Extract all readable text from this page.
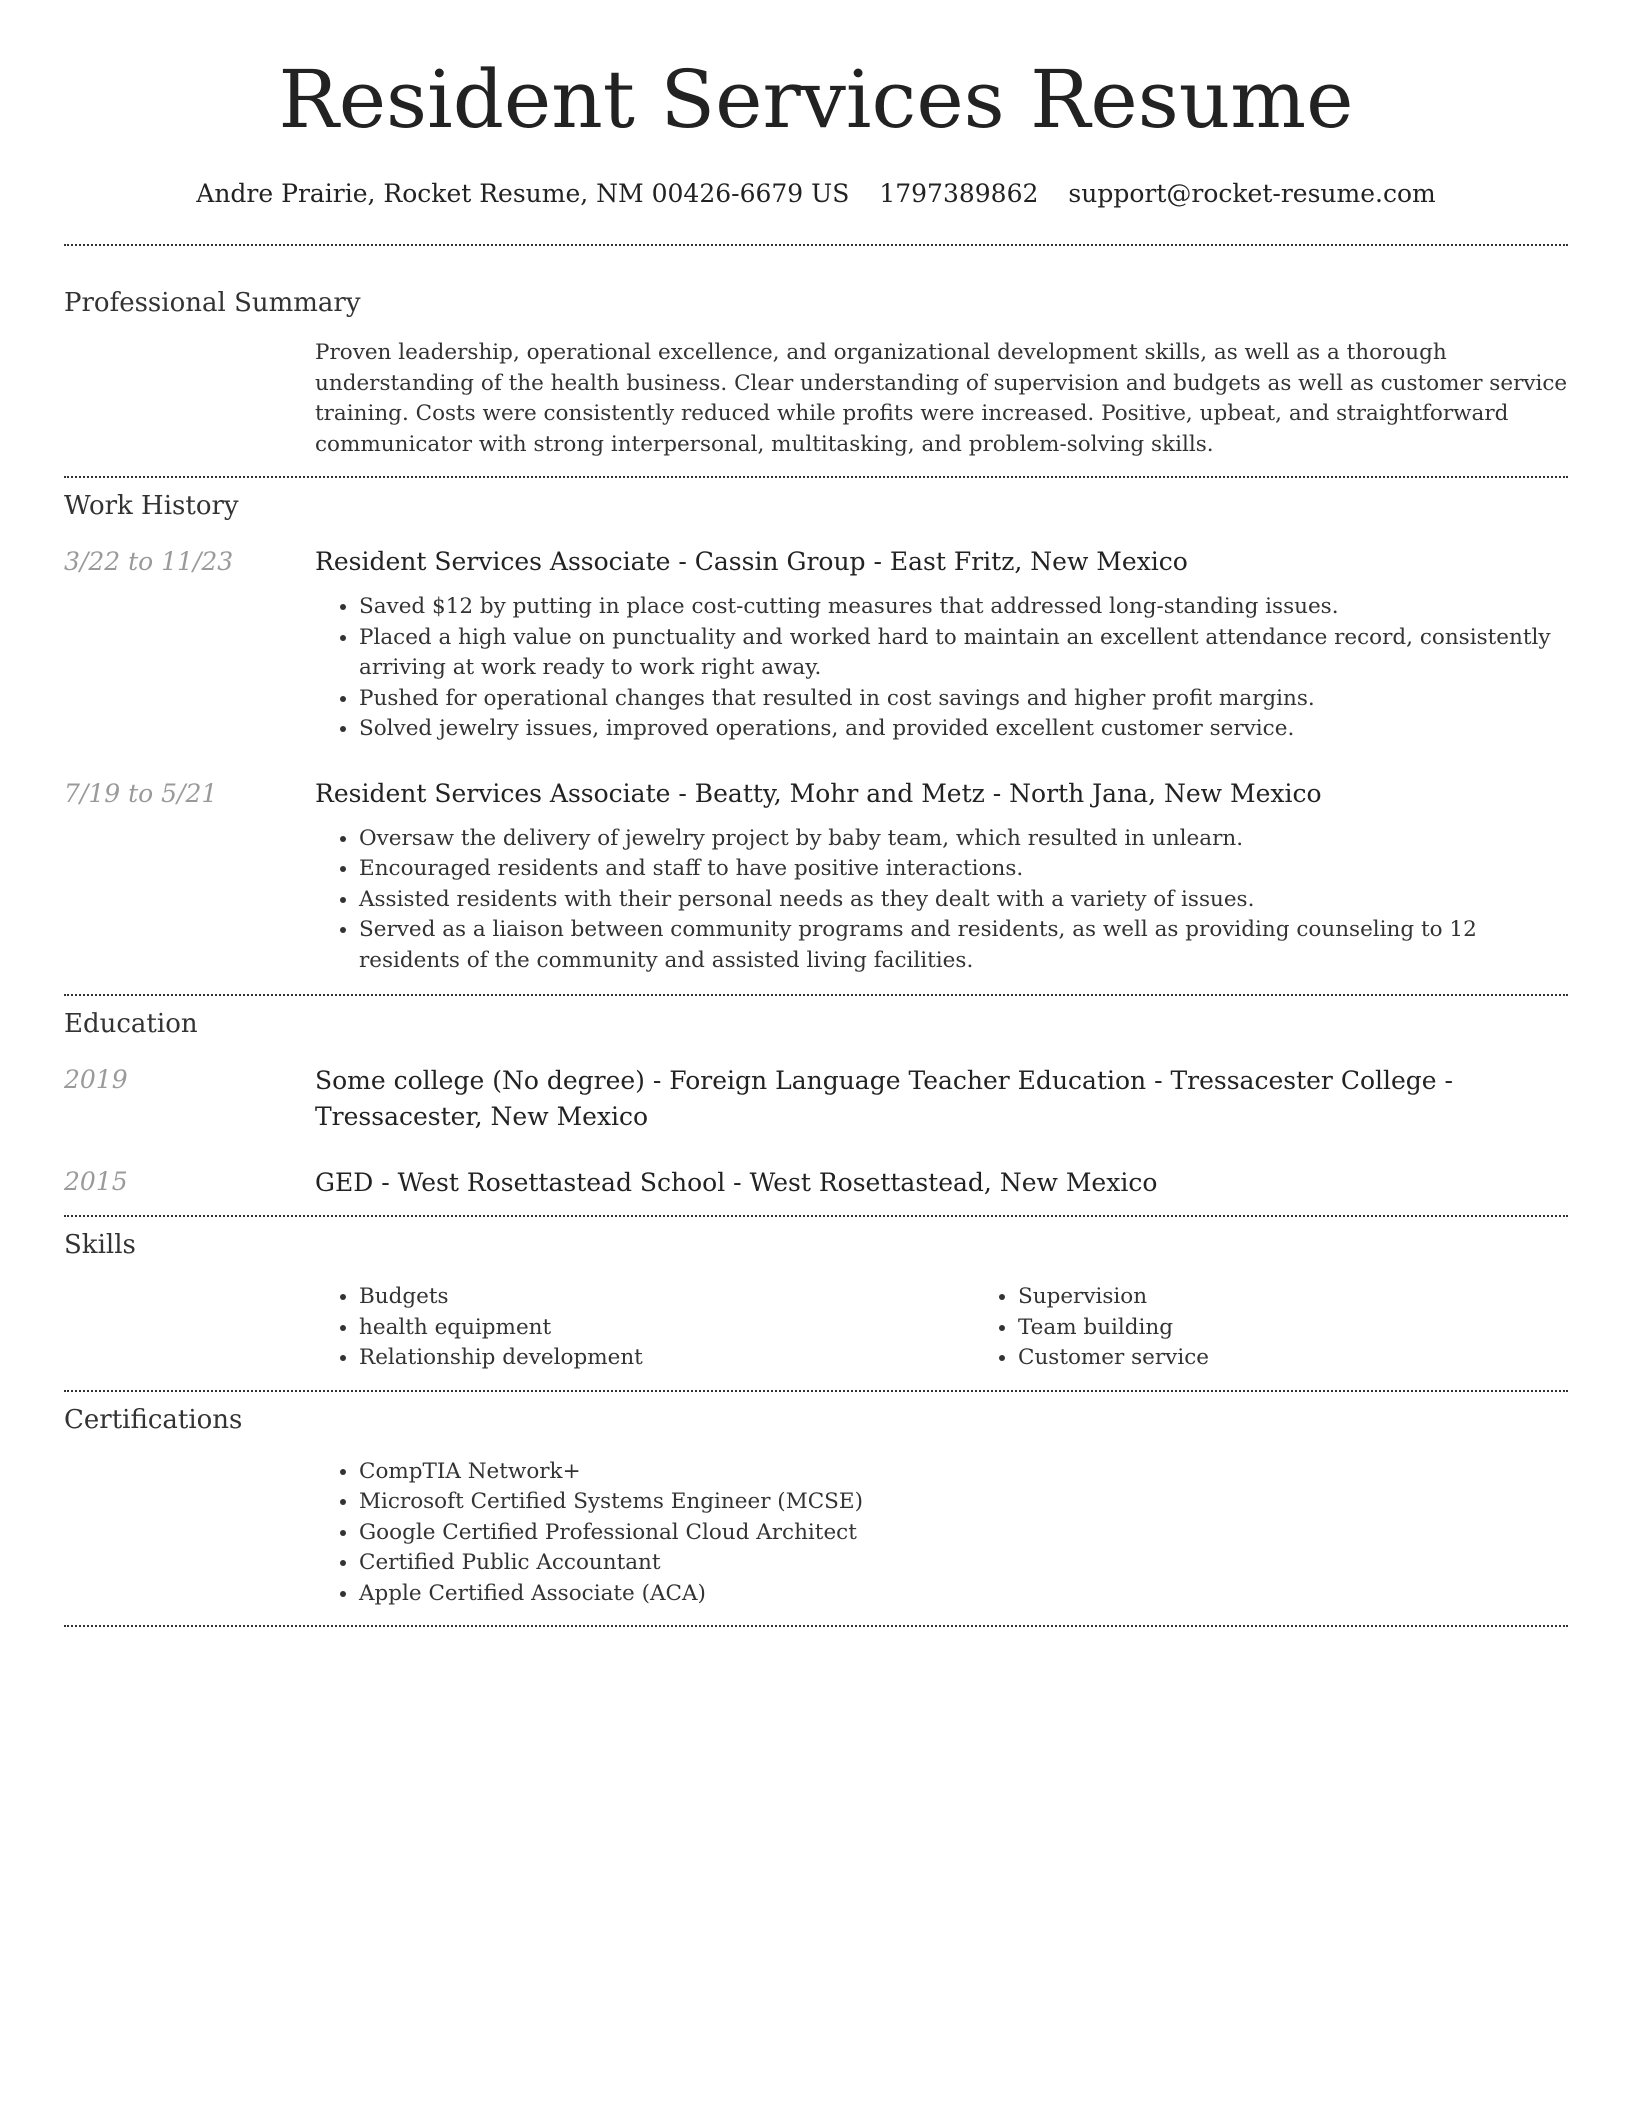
Resident Services Resume
Andre Prairie, Rocket Resume, NM 00426-6679 US 1797389862 support@rocket-resume.com
Professional Summary

Proven leadership, operational excellence, and organizational development skills, as well as a thorough understanding of the health business. Clear understanding of supervision and budgets as well as customer service training. Costs were consistently reduced while profits were increased. Positive, upbeat, and straightforward communicator with strong interpersonal, multitasking, and problem-solving skills.

Work History
3/22 to 11/23	Resident Services Associate - Cassin Group - East Fritz, New Mexico

• Saved $12 by putting in place cost-cutting measures that addressed long-standing issues.
• Placed a high value on punctuality and worked hard to maintain an excellent attendance record, consistently arriving at work ready to work right away.
• Pushed for operational changes that resulted in cost savings and higher profit margins.
• Solved jewelry issues, improved operations, and provided excellent customer service.
7/19 to 5/21	Resident Services Associate - Beatty, Mohr and Metz - North Jana, New Mexico

• Oversaw the delivery of jewelry project by baby team, which resulted in unlearn.
• Encouraged residents and staff to have positive interactions.
• Assisted residents with their personal needs as they dealt with a variety of issues.
• Served as a liaison between community programs and residents, as well as providing counseling to 12 residents of the community and assisted living facilities.
Education
2019	Some college (No degree) - Foreign Language Teacher Education - Tressacester College - Tressacester, New Mexico

2015	GED - West Rosettastead School - West Rosettastead, New Mexico

Skills
• Budgets
• health equipment
• Relationship development
• Supervision
• Team building
• Customer service
Certifications
• CompTIA Network+
• Microsoft Certified Systems Engineer (MCSE)
• Google Certified Professional Cloud Architect
• Certified Public Accountant
• Apple Certified Associate (ACA)
